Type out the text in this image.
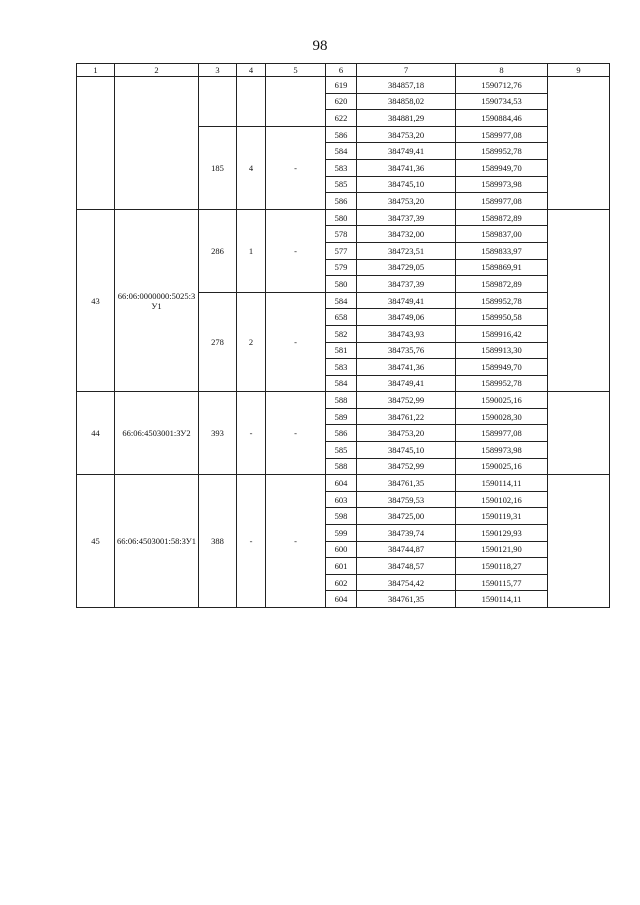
98
1	2	3	4	5	6	7	8	9
					619	384857,18	1590712,76	
					620	384858,02	1590734,53	
					622	384881,29	1590884,46	
		185	4	-	586	384753,20	1589977,08	
					584	384749,41	1589952,78	
					583	384741,36	1589949,70	
					585	384745,10	1589973,98	
					586	384753,20	1589977,08	
43	66:06:0000000:5025:ЗУ1	286	1	-	580	384737,39	1589872,89	
					578	384732,00	1589837,00	
					577	384723,51	1589833,97	
					579	384729,05	1589869,91	
					580	384737,39	1589872,89	
		278	2	-	584	384749,41	1589952,78	
					658	384749,06	1589950,58	
					582	384743,93	1589916,42	
					581	384735,76	1589913,30	
					583	384741,36	1589949,70	
					584	384749,41	1589952,78	
44	66:06:4503001:ЗУ2	393	-	-	588	384752,99	1590025,16	
					589	384761,22	1590028,30	
					586	384753,20	1589977,08	
					585	384745,10	1589973,98	
					588	384752,99	1590025,16	
45	66:06:4503001:58:ЗУ1	388	-	-	604	384761,35	1590114,11	
					603	384759,53	1590102,16	
					598	384725,00	1590119,31	
					599	384739,74	1590129,93	
					600	384744,87	1590121,90	
					601	384748,57	1590118,27	
					602	384754,42	1590115,77	
					604	384761,35	1590114,11	
